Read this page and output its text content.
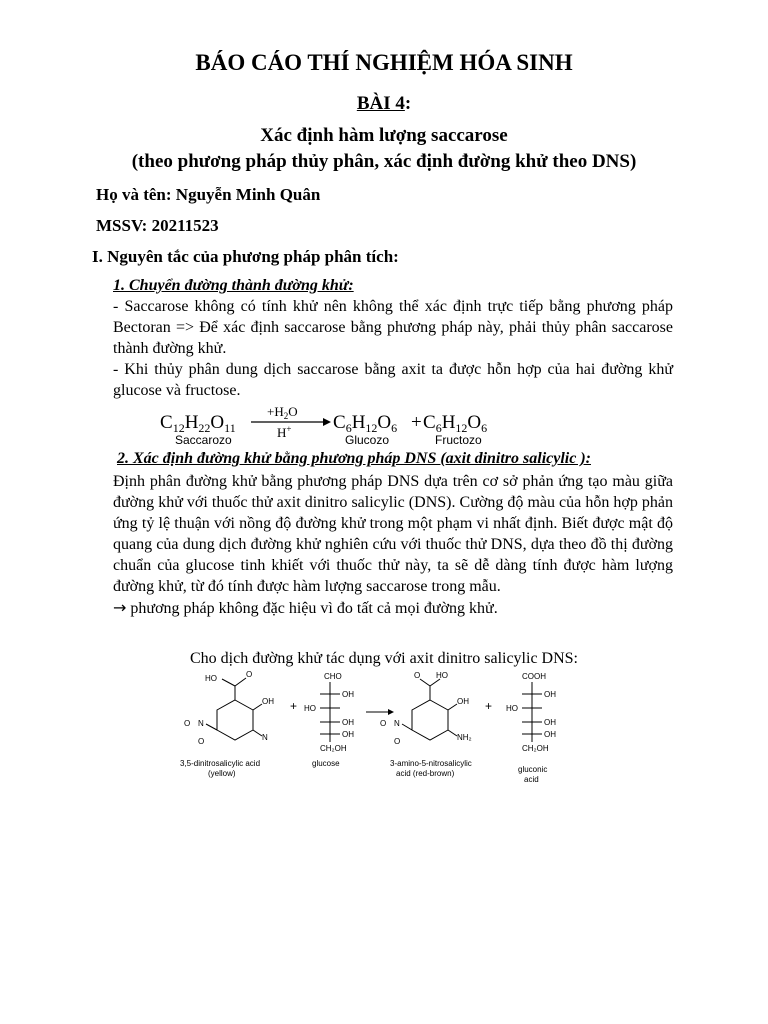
BÁO CÁO THÍ NGHIỆM HÓA SINH
BÀI 4:
Xác định hàm lượng saccarose
(theo phương pháp thủy phân, xác định đường khử theo DNS)
Họ và tên: Nguyễn Minh Quân
MSSV: 20211523
I. Nguyên tắc của phương pháp phân tích:
1. Chuyển đường thành đường khử:

- Saccarose không có tính khử nên không thể xác định trực tiếp bằng phương pháp Bectoran => Để xác định saccarose bằng phương pháp này, phải thủy phân saccarose thành đường khử.

- Khi thủy phân dung dịch saccarose bằng axit ta được hỗn hợp của hai đường khử glucose và fructose.

$C_{12}H_{22}O_{11}$
Saccarozo
$+H_2O$
H+ $C_6H_{12}O_6$
Glucozo
+ $C_6H_{12}O_6$
Fructozo
2. Xác định đường khử bằng phương pháp DNS (axit dinitro salicylic ):

Định phân đường khử bằng phương pháp DNS dựa trên cơ sở phản ứng tạo màu giữa đường khử với thuốc thử axit dinitro salicylic (DNS). Cường độ màu của hỗn hợp phản ứng tỷ lệ thuận với nồng độ đường khử trong một phạm vi nhất định. Biết được mật độ quang của dung dịch đường khử nghiên cứu với thuốc thử DNS, dựa theo đồ thị đường chuẩn của glucose tinh khiết với thuốc thử này, ta sẽ dễ dàng tính được hàm lượng đường khử, từ đó tính được hàm lượng saccarose trong mẫu.

→ phương pháp không đặc hiệu vì đo tất cả mọi đường khử.

Cho dịch đường khử tác dụng với axit dinitro salicylic DNS:
HO	O
OH
N
N
O
O
3,5-dinitrosalicylic acid
(yellow)
+
CHO
OH
HO
OH
OH
CH₂OH
glucose
O HO
OH
NH₂
N
O
O
3-amino-5-nitrosalicylic
acid (red-brown)
+
COOH
OH
HO
OH
OH
CH₂OH
gluconic
acid
